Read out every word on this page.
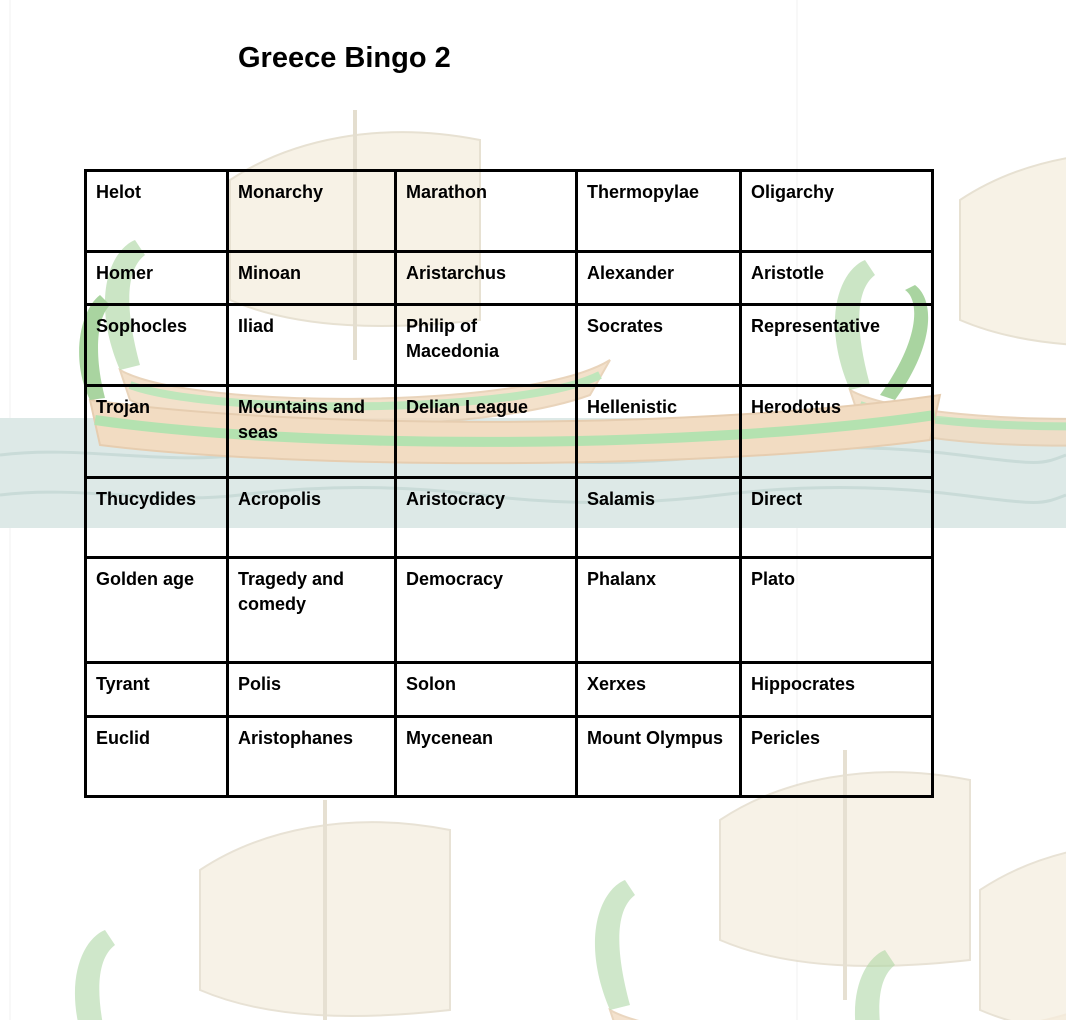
Greece Bingo 2
Helot	Monarchy	Marathon	Thermopylae	Oligarchy
Homer	Minoan	Aristarchus	Alexander	Aristotle
Sophocles	Iliad	Philip of Macedonia	Socrates	Representative
Trojan	Mountains and seas	Delian League	Hellenistic	Herodotus
Thucydides	Acropolis	Aristocracy	Salamis	Direct
Golden age	Tragedy and comedy	Democracy	Phalanx	Plato
Tyrant	Polis	Solon	Xerxes	Hippocrates
Euclid	Aristophanes	Mycenean	Mount Olympus	Pericles
